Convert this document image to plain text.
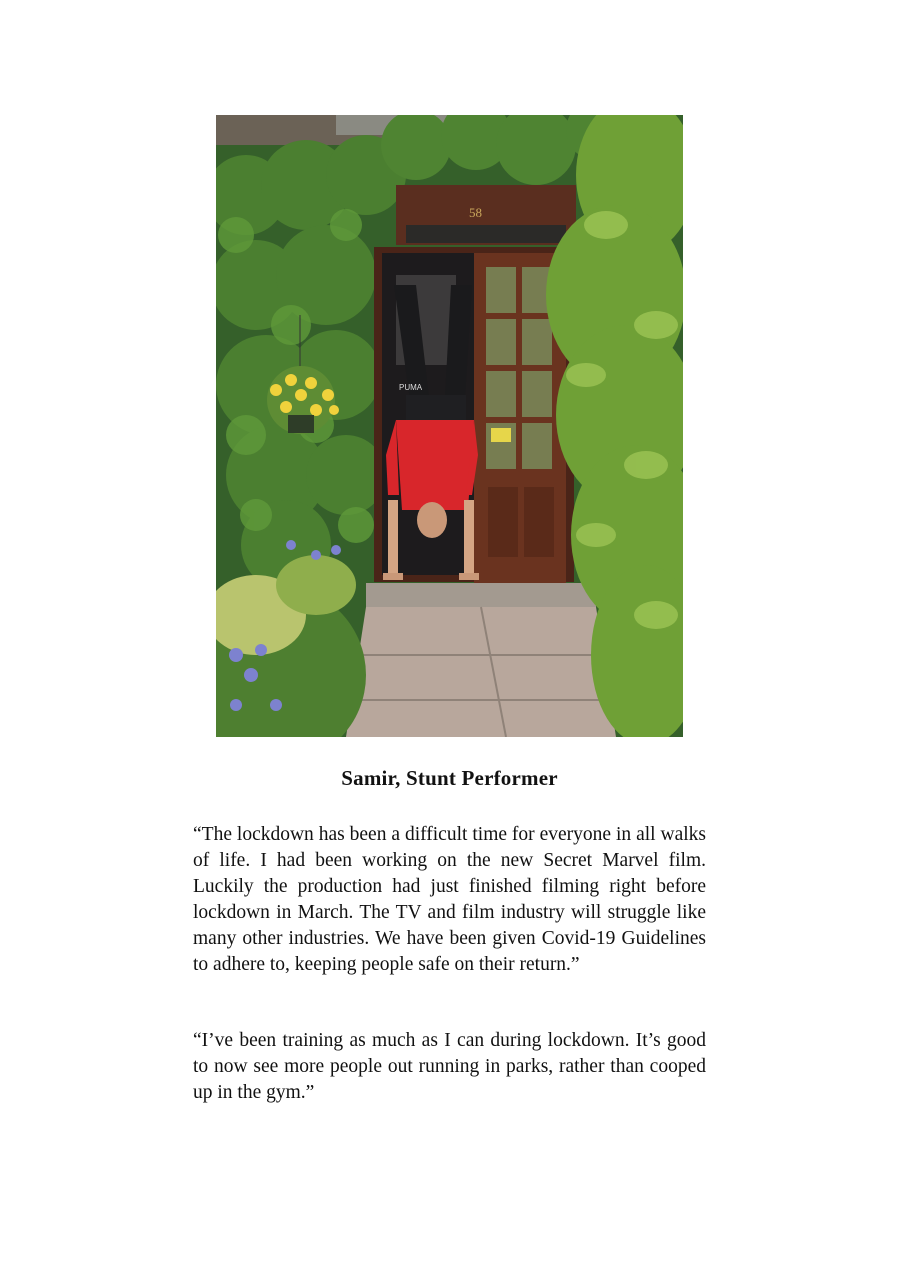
58
PUMA
Samir, Stunt Performer

“The lockdown has been a difficult time for everyone in all walks of life. I had been working on the new Secret Marvel film. Luckily the production had just finished filming right before lockdown in March. The TV and film industry will struggle like many other industries. We have been given Covid-19 Guidelines to adhere to, keeping people safe on their return.”

“I’ve been training as much as I can during lockdown. It’s good to now see more people out running in parks, rather than cooped up in the gym.”
